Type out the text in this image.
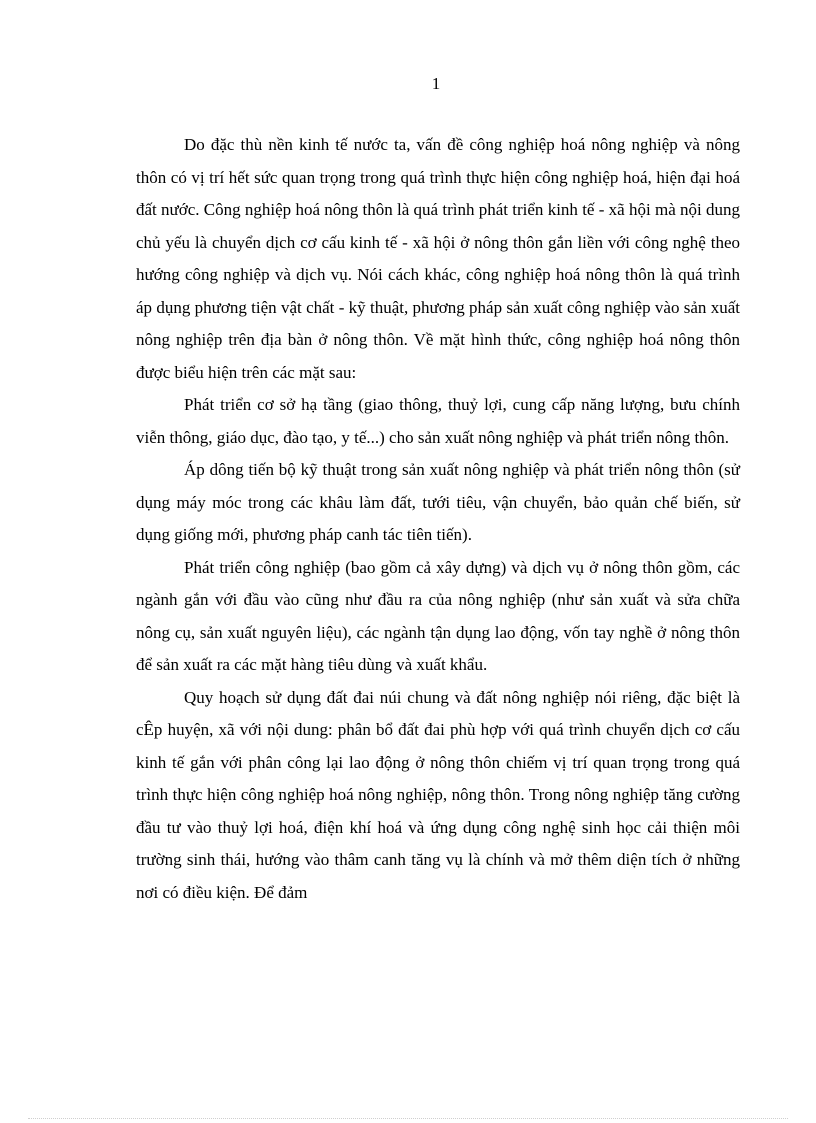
1

Do đặc thù nền kinh tế nước ta, vấn đề công nghiệp hoá nông nghiệp và nông thôn có vị trí hết sức quan trọng trong quá trình thực hiện công nghiệp hoá, hiện đại hoá đất nước. Công nghiệp hoá nông thôn là quá trình phát triển kinh tế - xã hội mà nội dung chủ yếu là chuyển dịch cơ cấu kinh tế - xã hội ở nông thôn gắn liền với công nghệ theo hướng công nghiệp và dịch vụ. Nói cách khác, công nghiệp hoá nông thôn là quá trình áp dụng phương tiện vật chất - kỹ thuật, phương pháp sản xuất công nghiệp vào sản xuất nông nghiệp trên địa bàn ở nông thôn. Về mặt hình thức, công nghiệp hoá nông thôn được biểu hiện trên các mặt sau:

Phát triển cơ sở hạ tầng (giao thông, thuỷ lợi, cung cấp năng lượng, bưu chính viễn thông, giáo dục, đào tạo, y tế...) cho sản xuất nông nghiệp và phát triển nông thôn.

Áp dông tiến bộ kỹ thuật trong sản xuất nông nghiệp và phát triển nông thôn (sử dụng máy móc trong các khâu làm đất, tưới tiêu, vận chuyển, bảo quản chế biến, sử dụng giống mới, phương pháp canh tác tiên tiến).

Phát triển công nghiệp (bao gồm cả xây dựng) và dịch vụ ở nông thôn gồm, các ngành gắn với đầu vào cũng như đầu ra của nông nghiệp (như sản xuất và sửa chữa nông cụ, sản xuất nguyên liệu), các ngành tận dụng lao động, vốn tay nghề ở nông thôn để sản xuất ra các mặt hàng tiêu dùng và xuất khẩu.

Quy hoạch sử dụng đất đai núi chung và đất nông nghiệp nói riêng, đặc biệt là cÊp huyện, xã với nội dung: phân bổ đất đai phù hợp với quá trình chuyển dịch cơ cấu kinh tế gắn với phân công lại lao động ở nông thôn chiếm vị trí quan trọng trong quá trình thực hiện công nghiệp hoá nông nghiệp, nông thôn. Trong nông nghiệp tăng cường đầu tư vào thuỷ lợi hoá, điện khí hoá và ứng dụng công nghệ sinh học cải thiện môi trường sinh thái, hướng vào thâm canh tăng vụ là chính và mở thêm diện tích ở những nơi có điều kiện. Để đảm
